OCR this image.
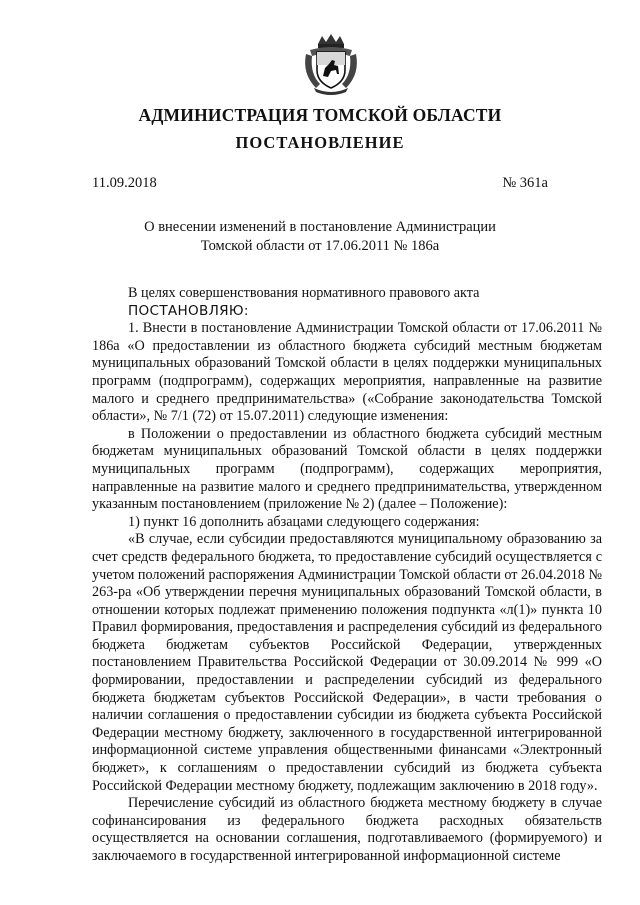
АДМИНИСТРАЦИЯ ТОМСКОЙ ОБЛАСТИ
ПОСТАНОВЛЕНИЕ
11.09.2018	№ 361а
О внесении изменений в постановление Администрации
Томской области от 17.06.2011 № 186а

В целях совершенствования нормативного правового акта

ПОСТАНОВЛЯЮ:

1. Внести в постановление Администрации Томской области от 17.06.2011 № 186а «О предоставлении из областного бюджета субсидий местным бюджетам муниципальных образований Томской области в целях поддержки муниципальных программ (подпрограмм), содержащих мероприятия, направленные на развитие малого и среднего предпринимательства» («Собрание законодательства Томской области», № 7/1 (72) от 15.07.2011) следующие изменения:

в Положении о предоставлении из областного бюджета субсидий местным бюджетам муниципальных образований Томской области в целях поддержки муниципальных программ (подпрограмм), содержащих мероприятия, направленные на развитие малого и среднего предпринимательства, утвержденном указанным постановлением (приложение № 2) (далее – Положение):

1) пункт 16 дополнить абзацами следующего содержания:

«В случае, если субсидии предоставляются муниципальному образованию за счет средств федерального бюджета, то предоставление субсидий осуществляется с учетом положений распоряжения Администрации Томской области от 26.04.2018 № 263-ра «Об утверждении перечня муниципальных образований Томской области, в отношении которых подлежат применению положения подпункта «л(1)» пункта 10 Правил формирования, предоставления и распределения субсидий из федерального бюджета бюджетам субъектов Российской Федерации, утвержденных постановлением Правительства Российской Федерации от 30.09.2014 № 999 «О формировании, предоставлении и распределении субсидий из федерального бюджета бюджетам субъектов Российской Федерации», в части требования о наличии соглашения о предоставлении субсидии из бюджета субъекта Российской Федерации местному бюджету, заключенного в государственной интегрированной информационной системе управления общественными финансами «Электронный бюджет», к соглашениям о предоставлении субсидий из бюджета субъекта Российской Федерации местному бюджету, подлежащим заключению в 2018 году».

Перечисление субсидий из областного бюджета местному бюджету в случае софинансирования из федерального бюджета расходных обязательств осуществляется на основании соглашения, подготавливаемого (формируемого) и заключаемого в государственной интегрированной информационной системе
